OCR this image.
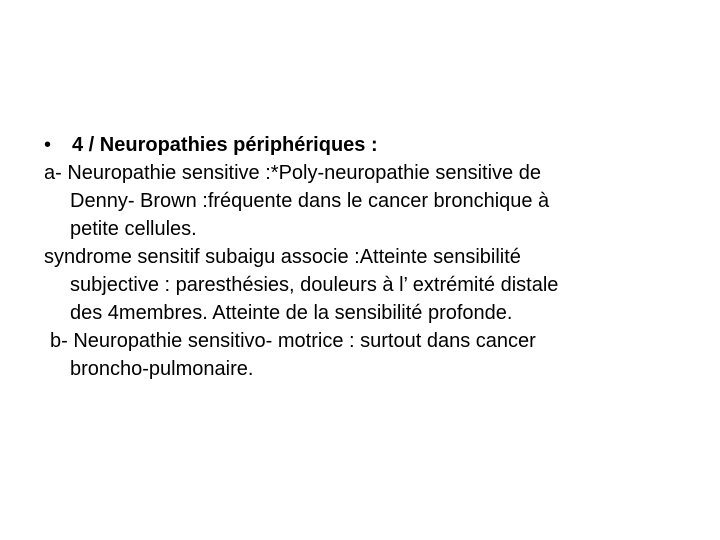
• 4 / Neuropathies périphériques :
a- Neuropathie sensitive :*Poly-neuropathie sensitive de
Denny- Brown :fréquente dans le cancer bronchique à
petite cellules.
syndrome sensitif subaigu associe :Atteinte sensibilité
subjective : paresthésies, douleurs à l’ extrémité distale
des 4membres. Atteinte de la sensibilité profonde.
b- Neuropathie sensitivo- motrice : surtout dans cancer
broncho-pulmonaire.
